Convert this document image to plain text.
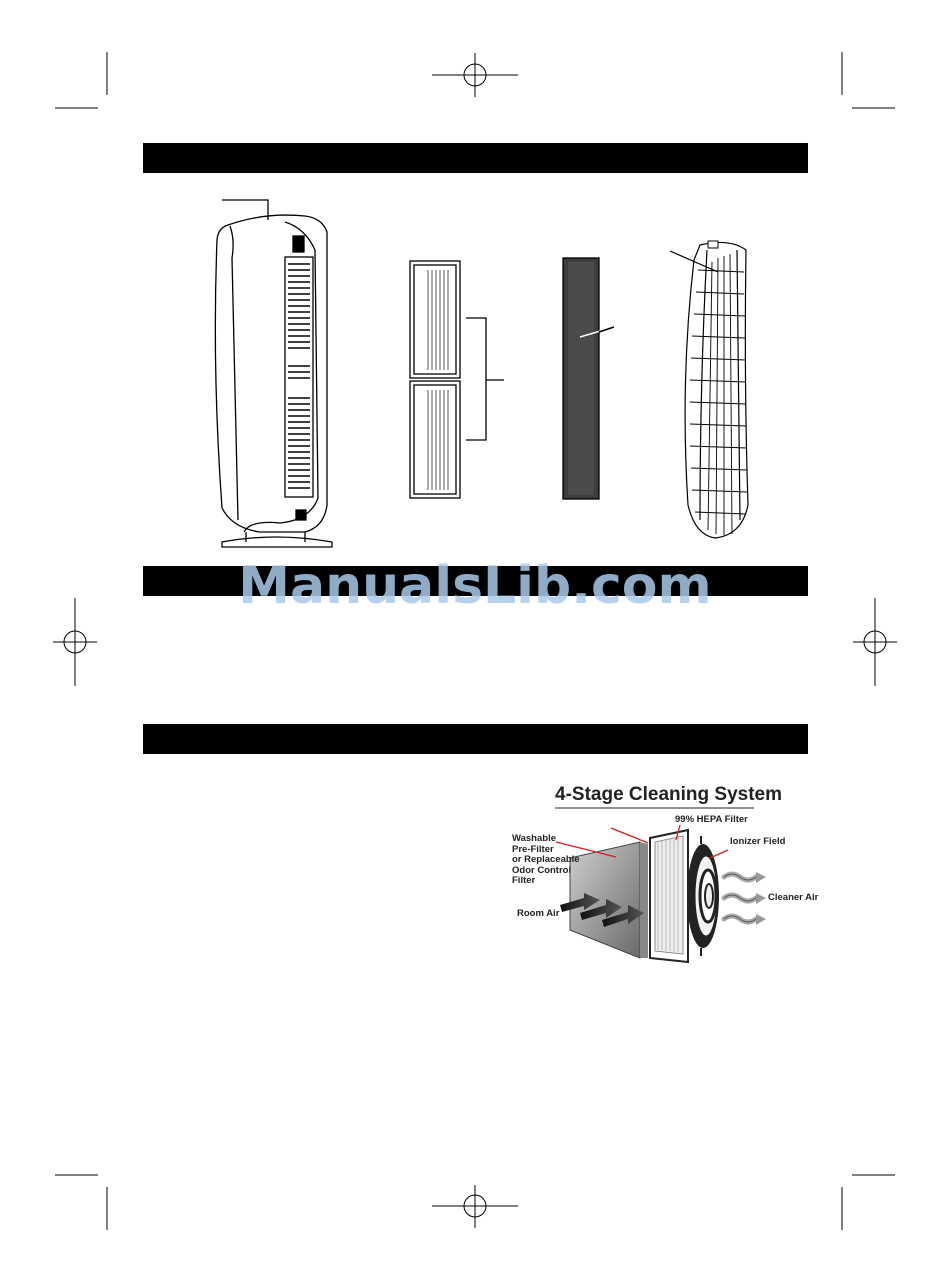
ManualsLib.com
4-Stage Cleaning System
Washable
Pre-Filter
or Replaceable
Odor Control
Filter
99% HEPA Filter
Ionizer Field
Cleaner Air
Room Air
